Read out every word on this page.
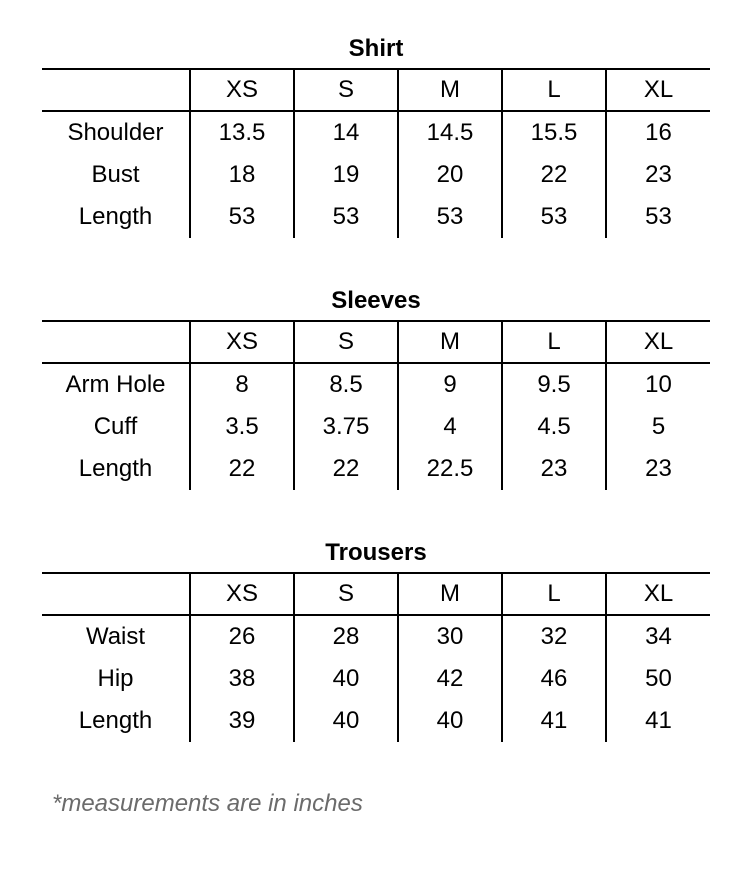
Shirt
	XS	S	M	L	XL
Shoulder	13.5	14	14.5	15.5	16
Bust	18	19	20	22	23
Length	53	53	53	53	53
Sleeves
	XS	S	M	L	XL
Arm Hole	8	8.5	9	9.5	10
Cuff	3.5	3.75	4	4.5	5
Length	22	22	22.5	23	23
Trousers
	XS	S	M	L	XL
Waist	26	28	30	32	34
Hip	38	40	42	46	50
Length	39	40	40	41	41
*measurements are in inches
